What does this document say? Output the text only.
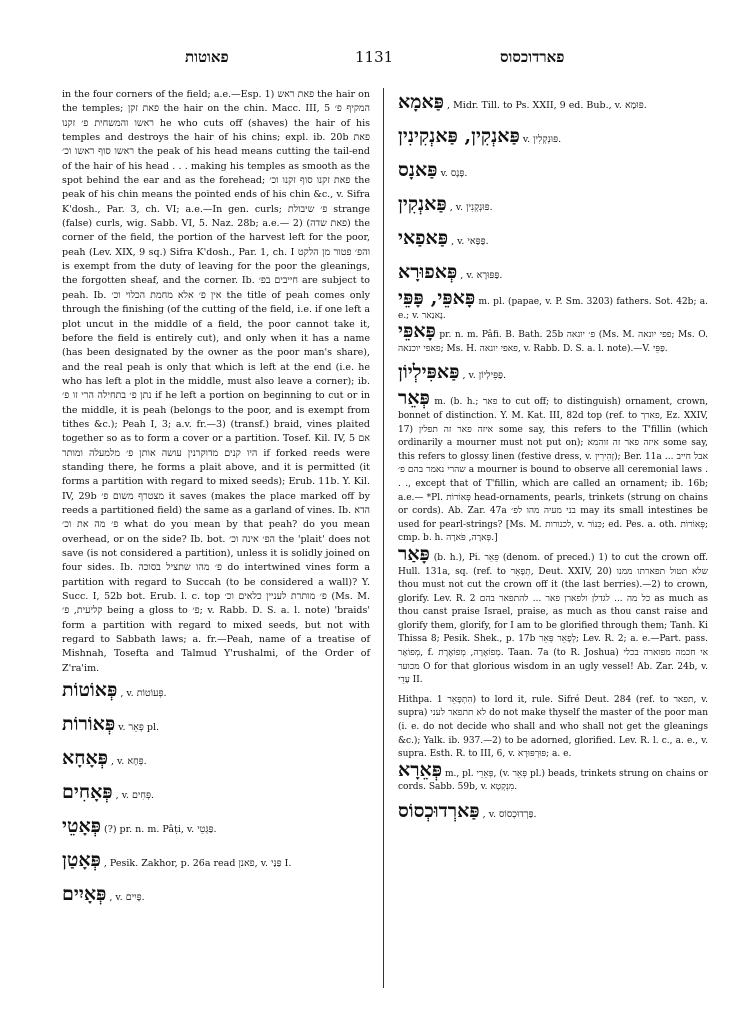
פאוטות	1131	פארדוכסוס

in the four corners of the field; a.e.—Esp. 1) פאת ראש the hair on the temples; פאת זקן the hair on the chin. Macc. III, 5 המקיף פ׳ ראשו והמשחית פ׳ זקנו he who cuts off (shaves) the hair of his temples and destroys the hair of his chins; expl. ib. 20b פאת ראשו סוף ראשו וכ׳ the peak of his head means cutting the tail-end of the hair of his head . . . making his temples as smooth as the spot behind the ear and as the forehead; פאת זקנו סוף זקנו וכ׳ the peak of his chin means the pointed ends of his chin &c., v. Sifra K'dosh., Par. 3, ch. VI; a.e.—In gen. curls; פ׳ שיבולת strange (false) curls, wig. Sabb. VI, 5. Naz. 28b; a.e.— 2) (פאת שדה) the corner of the field, the portion of the harvest left for the poor, peah (Lev. XIX, 9 sq.) Sifra K'dosh., Par. 1, ch. I והפ׳ פטור מן הלקט is exempt from the duty of leaving for the poor the gleanings, the forgotten sheaf, and the corner. Ib. חייבים בפ׳ are subject to peah. Ib. אין פ׳ אלא מחמת הכלוי וכ׳ the title of peah comes only through the finishing (of the cutting of the field, i.e. if one left a plot uncut in the middle of a field, the poor cannot take it, before the field is entirely cut), and only when it has a name (has been designated by the owner as the poor man's share), and the real peah is only that which is left at the end (i.e. he who has left a plot in the middle, must also leave a corner); ib. נתן פ׳ בתחילה הרי זו פ׳ if he left a portion on beginning to cut or in the middle, it is peah (belongs to the poor, and is exempt from tithes &c.); Peah I, 3; a.v. fr.—3) (transf.) braid, vines plaited together so as to form a cover or a partition. Tosef. Kil. IV, 5 אם היו קנים מדוקרנין עושה אותן פ׳ מלמעלה ומותר if forked reeds were standing there, he forms a plait above, and it is permitted (it forms a partition with regard to mixed seeds); Erub. 11b. Y. Kil. IV, 29b מצטרף משום פ׳ it saves (makes the place marked off by reeds a partitioned field) the same as a garland of vines. Ib. הדא פ׳ מה את וכ׳ what do you mean by that peah? do you mean overhead, or on the side? Ib. bot. הפ׳ אינה וכ׳ the 'plait' does not save (is not considered a partition), unless it is solidly joined on four sides. Ib. פ׳ מהו שתציל בסוכה do intertwined vines form a partition with regard to Succah (to be considered a wall)? Y. Succ. I, 52b bot. Erub. l. c. top פ׳ מותרת לעניין כלאים וכ׳ (Ms. M. קליעית, פ׳ being a gloss to פ׳; v. Rabb. D. S. a. l. note) 'braids' form a partition with regard to mixed seeds, but not with regard to Sabbath laws; a. fr.—Peah, name of a treatise of Mishnah, Tosefta and Talmud Y'rushalmi, of the Order of Z'ra'im.

פְּאוֹטוֹת , v. פְּעוֹטוֹת.
פְּאוֹרוֹת v. פְּאֵר pl.
פְּאָחָא , v. פְּחָא.
פְּאָחִים , v. פְּחִים.
פְּאָטֵי (?) pr. n. m. Pâṭi, v. פַּגְּטֵי.
פְּאָטַן , Pesik. Zakhor, p. 26a read פאנן, v. פַּנַּי I.
פְּאָיִים , v. פָּיִים.
פַּאמָא , Midr. Till. to Ps. XXII, 9 ed. Bub., v. פּוּמָא.
פַּאנְקִין, פַּאנְקִינִין v. פּוּנְקְלִין.
פַּאנָס v. פָּנָס.
פַּאנְקִין , v. פּוּנְקְנִין.
פַּאפַאי , v. פַּפַּאי.
פְּאפוּרָא , v. פַּפּוּרָא.
פָּאפֵּי, פָּפֵּי m. pl. (papae, v. P. Sm. 3203) fathers. Sot. 42b; a. e.; v. נָאנַאר.
פָּאפֵּי pr. n. m. Pâfi. B. Bath. 25b פ׳ יונאה (Ms. M. פפי יונאה; Ms. O. פאפי יוכנאה; Ms. H. פאפי יונאה, v. Rabb. D. S. a. l. note).—V. פַּפֵּי.
פַּאפִּילְיוֹן , v. פַּפִּילְיוֹן.
פְּאֵר m. (b. h.; פאר to cut off; to distinguish) ornament, crown, bonnet of distinction. Y. M. Kat. III, 82d top (ref. to פארך, Ez. XXIV, 17) איזה פאר זה תפלין some say, this refers to the T'fillin (which ordinarily a mourner must not put on); איזה פאר זה זוהמא some say, this refers to glossy linen (festive dress, v. זְהִירִין); Ber. 11a אבל חייב ... שהרי נאמר בהם פ׳ a mourner is bound to observe all ceremonial laws . . ., except that of T'fillin, which are called an ornament; ib. 16b; a.e.— *Pl. פְּאוֹרוֹת head-ornaments, pearls, trinkets (strung on chains or cords). Ab. Zar. 47a בני מעיה מהו לפ׳ may its small intestines be used for pearl-strings? [Ms. M. לכנורות, v. כִּנּוֹר; ed. Pes. a. oth. פְּאוֹרוֹת; cmp. b. h. פְּארָה, פֹּארָה.]
פָּאַר (b. h.), Pi. פֵּאֵר (denom. of preced.) 1) to cut the crown off. Hull. 131a, sq. (ref. to תְפָאֵר, Deut. XXIV, 20) שלא תטול תפארתו ממנו thou must not cut the crown off it (the last berries).—2) to crown, glorify. Lev. R. 2 כל מה ... לגדלן ולפארן פאר ... להתפאר בהם as much as thou canst praise Israel, praise, as much as thou canst raise and glorify them, glorify, for I am to be glorified through them; Tanh. Ki Thissa 8; Pesik. Shek., p. 17b לְפָאֵר פְּאֵר; Lev. R. 2; a. e.—Part. pass. מְפוֹאָר, f. מְפוֹאָרָה, מְפוֹאֶרֶת. Taan. 7a (to R. Joshua) אי חכמה מפוארה בכלי מכוער O for that glorious wisdom in an ugly vessel! Ab. Zar. 24b, v. עָדֵי II.
Hithpa. הִתְפָּאֵר 1) to lord it, rule. Sifré Deut. 284 (ref. to תפאר, v. supra) לא תתפאר לעני do not make thyself the master of the poor man (i. e. do not decide who shall and who shall not get the gleanings &c.); Yalk. ib. 937.—2) to be adorned, glorified. Lev. R. l. c., a. e., v. supra. Esth. R. to III, 6, v. פּוּרְפּוּרָא; a. e.
פְּאֵרָא m., pl. פְּאֵרֵי, (v. פְּאֵר pl.) beads, trinkets strung on chains or cords. Sabb. 59b, v. מִנְקְטָא.
פַּארְדוּכְסוֹס , v. פַּרְדוּכְסוֹס.
